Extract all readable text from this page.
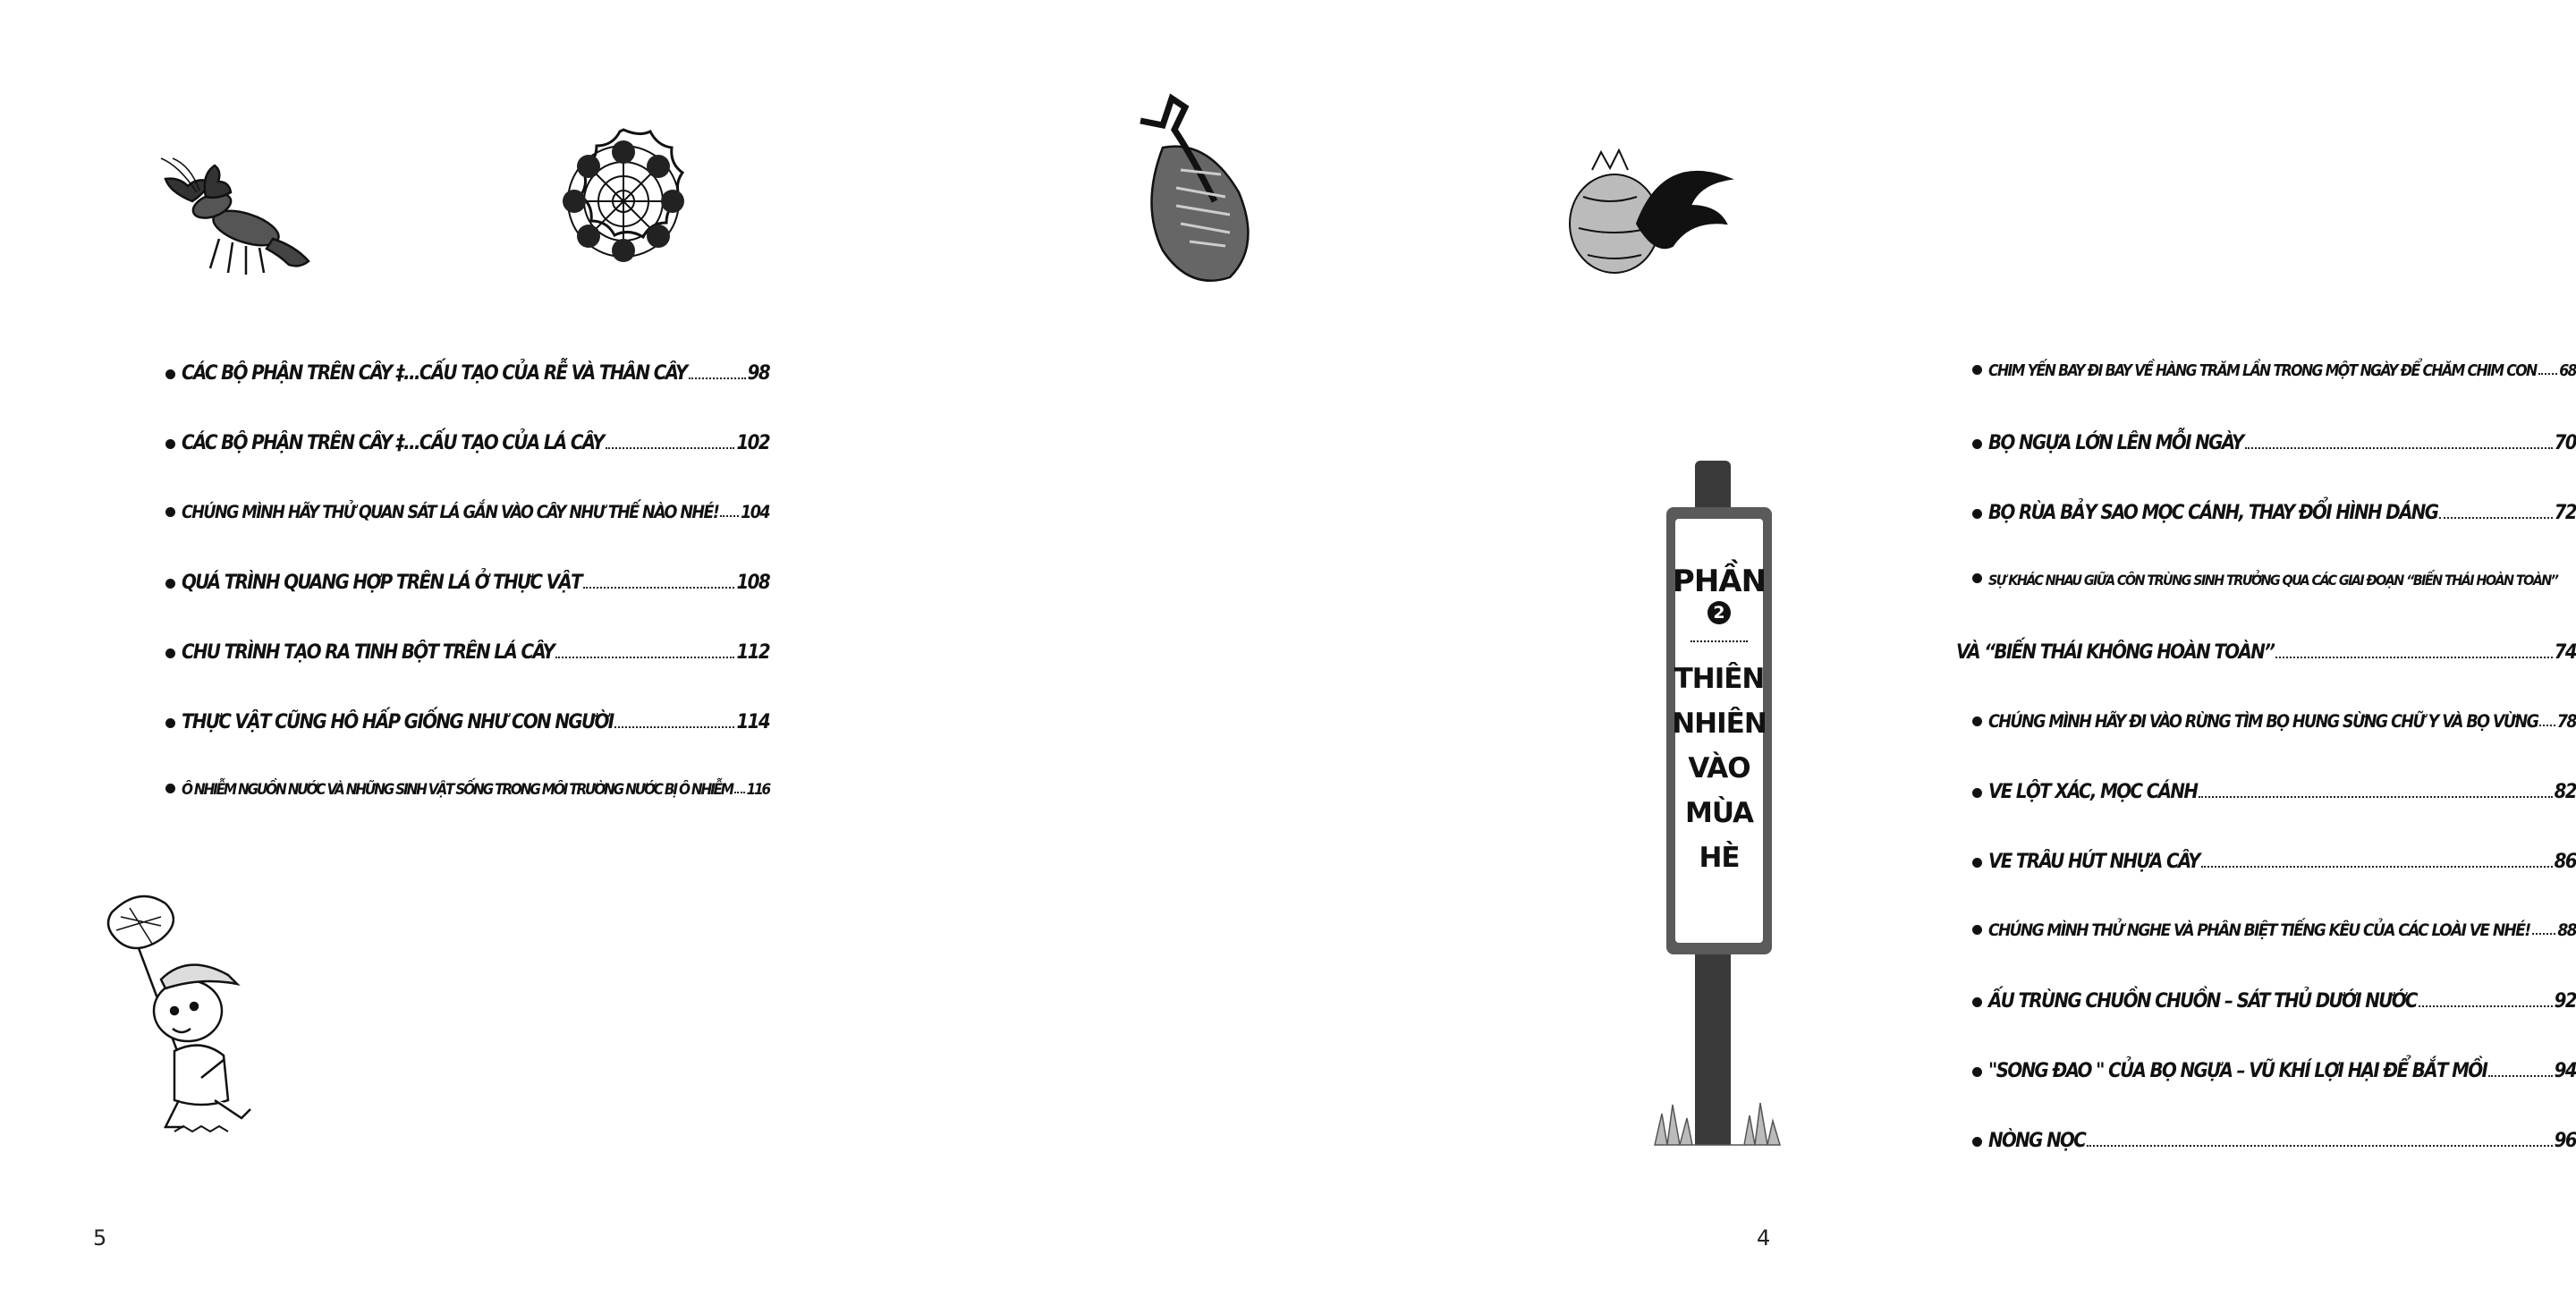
CÁC BỘ PHẬN TRÊN CÂY ‡...CẤU TẠO CỦA RỄ VÀ THÂN CÂY	98
CÁC BỘ PHẬN TRÊN CÂY ‡...CẤU TẠO CỦA LÁ CÂY	102
CHÚNG MÌNH HÃY THỬ QUAN SÁT LÁ GẮN VÀO CÂY NHƯ THẾ NÀO NHÉ! 104
QUÁ TRÌNH QUANG HỢP TRÊN LÁ Ở THỰC VẬT	108
CHU TRÌNH TẠO RA TINH BỘT TRÊN LÁ CÂY	112
THỰC VẬT CŨNG HÔ HẤP GIỐNG NHƯ CON NGƯỜI	114
Ô NHIỄM NGUỒN NƯỚC VÀ NHỮNG SINH VẬT SỐNG TRONG MÔI TRƯỜNG NƯỚC BỊ Ô NHIỄM 116
5
CHIM YẾN BAY ĐI BAY VỀ HÀNG TRĂM LẦN TRONG MỘT NGÀY ĐỂ CHĂM CHIM CON 68
BỌ NGỰA LỚN LÊN MỖI NGÀY	70
BỌ RÙA BẢY SAO MỌC CÁNH, THAY ĐỔI HÌNH DÁNG	72
SỰ KHÁC NHAU GIỮA CÔN TRÙNG SINH TRƯỞNG QUA CÁC GIAI ĐOẠN “BIẾN THÁI HOÀN TOÀN”
VÀ “BIẾN THÁI KHÔNG HOÀN TOÀN”	74
CHÚNG MÌNH HÃY ĐI VÀO RỪNG TÌM BỌ HUNG SỪNG CHỮ Y VÀ BỌ VỪNG 78
VE LỘT XÁC, MỌC CÁNH	82
VE TRÂU HÚT NHỰA CÂY	86
CHÚNG MÌNH THỬ NGHE VÀ PHÂN BIỆT TIẾNG KÊU CỦA CÁC LOÀI VE NHÉ! 88
ẤU TRÙNG CHUỒN CHUỒN – SÁT THỦ DƯỚI NƯỚC	92
"SONG ĐAO " CỦA BỌ NGỰA – VŨ KHÍ LỢI HẠI ĐỂ BẮT MỒI	94
NÒNG NỌC	96
4
PHẦN
2
THIÊN
NHIÊN
VÀO
MÙA
HÈ
